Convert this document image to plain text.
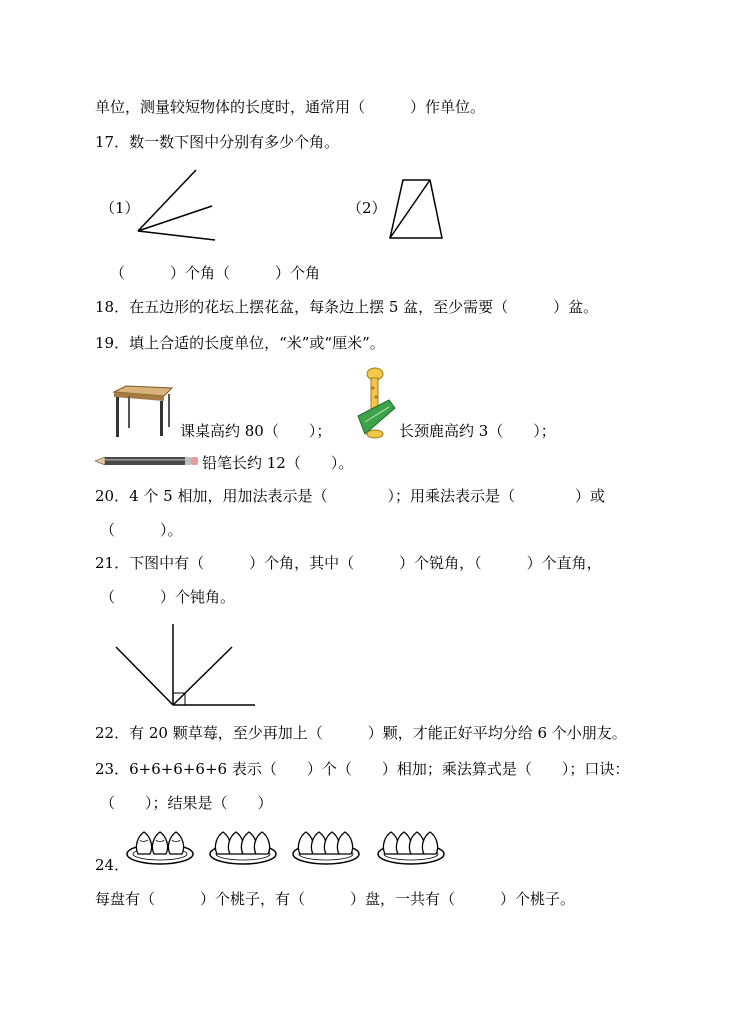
单位，测量较短物体的长度时，通常用（　　　）作单位。
17．数一数下图中分别有多少个角。
（1）	（2）
（　　　）个角（　　　）个角
18．在五边形的花坛上摆花盆，每条边上摆 5 盆，至少需要（　　　）盆。
19．填上合适的长度单位，“米”或“厘米”。
课桌高约 80（　　）；	长颈鹿高约 3（　　）；
铅笔长约 12（　　）。
20．4 个 5 相加，用加法表示是（　　　　）；用乘法表示是（　　　　）或
（　　　）。
21．下图中有（　　　）个角，其中（　　　）个锐角，（　　　）个直角，
（　　　）个钝角。
22．有 20 颗草莓，至少再加上（　　　）颗，才能正好平均分给 6 个小朋友。
23．6+6+6+6+6 表示（　　）个（　　）相加；乘法算式是（　　）；口诀：
（　　）；结果是（　　）
24．
每盘有（　　　）个桃子，有（　　　）盘，一共有（　　　）个桃子。
